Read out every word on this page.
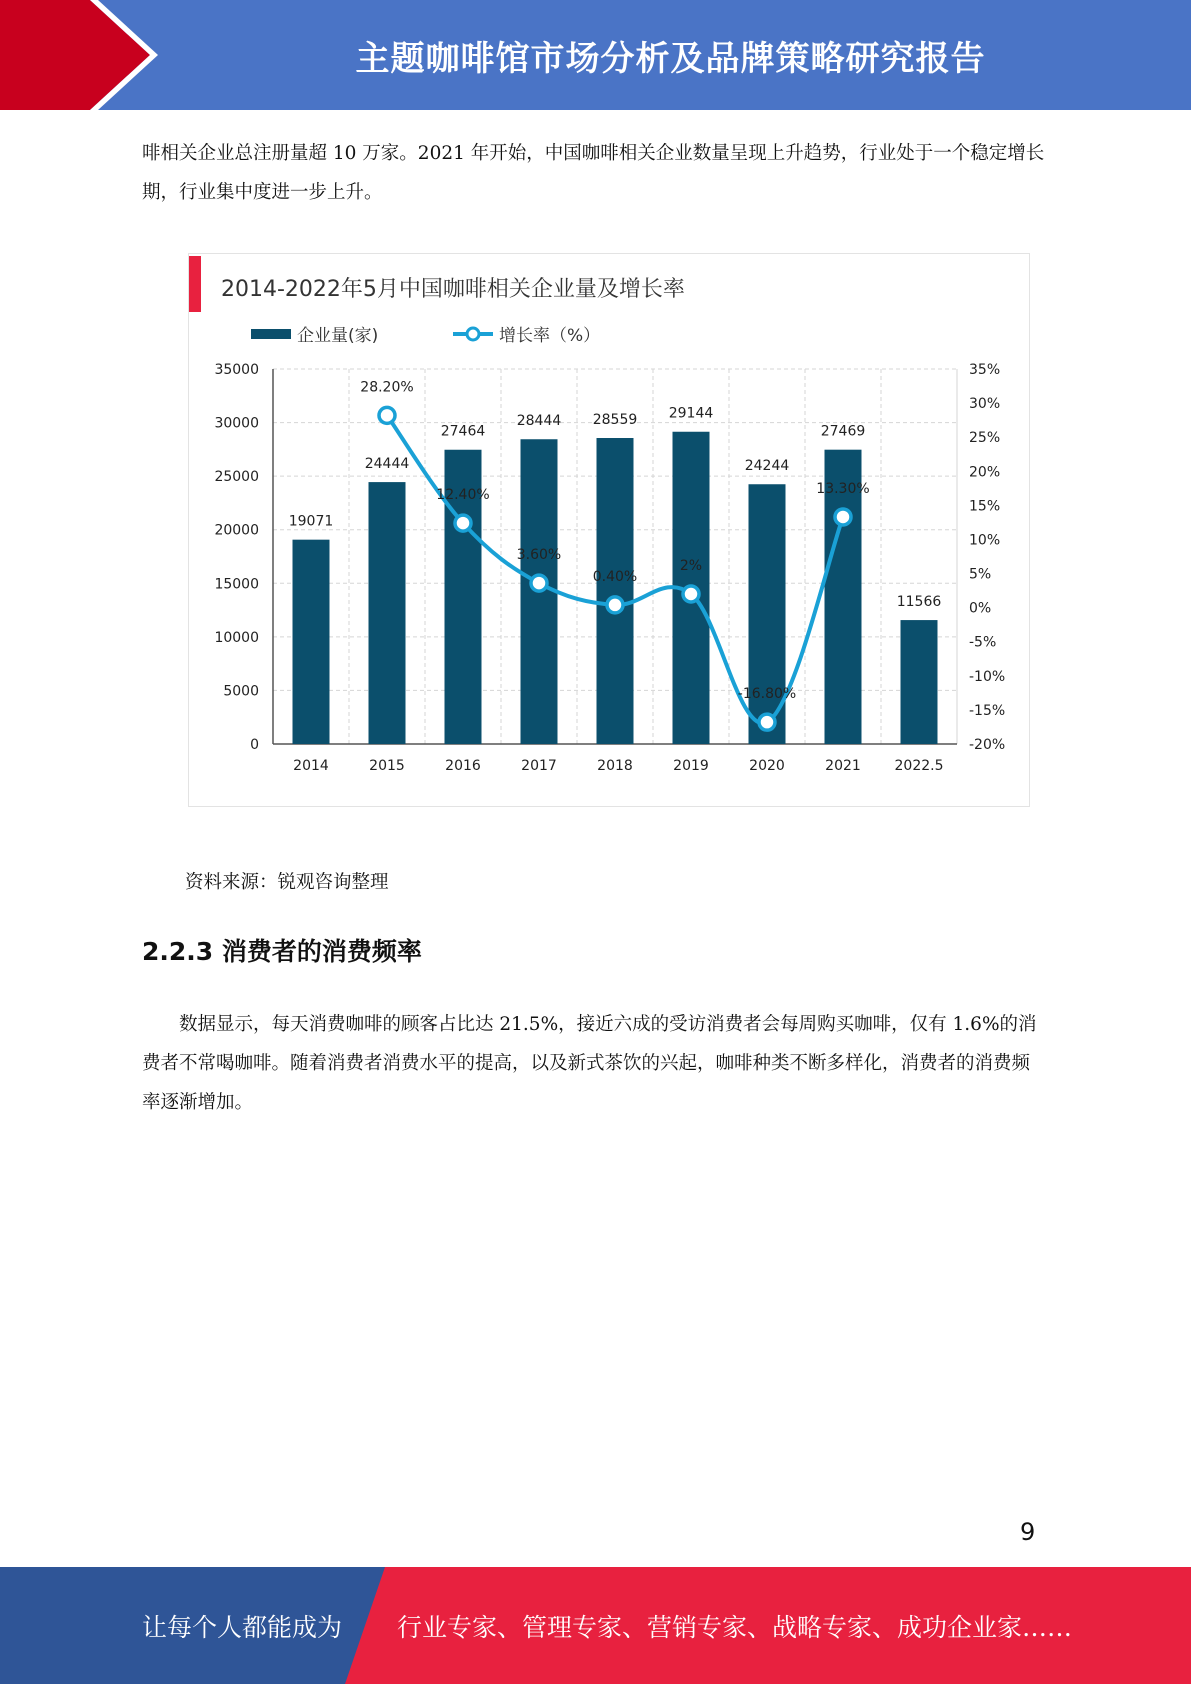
主题咖啡馆市场分析及品牌策略研究报告

啡相关企业总注册量超 10 万家。2021 年开始，中国咖啡相关企业数量呈现上升趋势，行业处于一个稳定增长期，行业集中度进一步上升。

2014-2022年5月中国咖啡相关企业量及增长率
企业量(家)	增长率（%）
35000
30000
25000
20000
15000
10000
5000
0
35%
30%
25%
20%
15%
10%
5%
0%
-5%
-10%
-15%
-20%
19071
24444
27464
28444 28559 29144
24244
27469
11566
2014	2015	2016	2017	2018	2019	2020	2021 2022.5
28.20%
12.40%
3.60%
0.40%
2%
-16.80%
13.30%
资料来源：锐观咨询整理
2.2.3 消费者的消费频率

数据显示，每天消费咖啡的顾客占比达 21.5%，接近六成的受访消费者会每周购买咖啡，仅有 1.6%的消费者不常喝咖啡。随着消费者消费水平的提高，以及新式茶饮的兴起，咖啡种类不断多样化，消费者的消费频率逐渐增加。

9
让每个人都能成为 行业专家、管理专家、营销专家、战略专家、成功企业家……
